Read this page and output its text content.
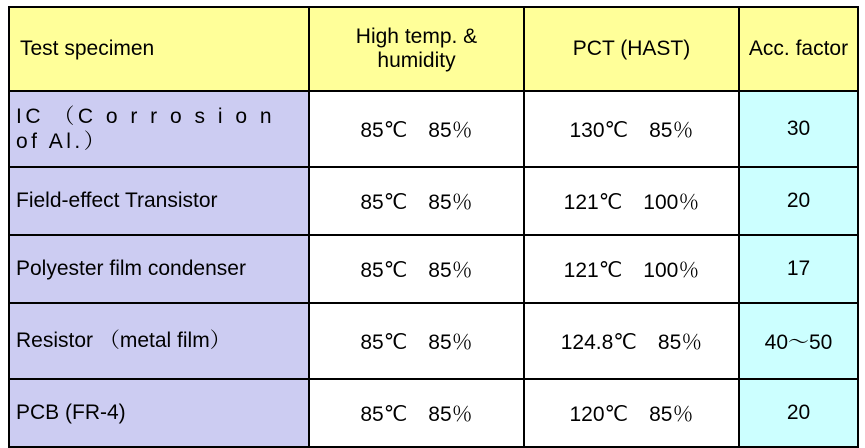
Test specimen	High temp. & humidity	PCT (HAST)	Acc. factor
IC （C o r r o s i o n of Al.）	85℃　85％	130℃　85％	30
Field-effect Transistor	85℃　85％	121℃　100％	20
Polyester film condenser	85℃　85％	121℃　100％	17
Resistor （metal film）	85℃　85％	124.8℃　85％	40～50
PCB (FR-4)	85℃　85％	120℃　85％	20
